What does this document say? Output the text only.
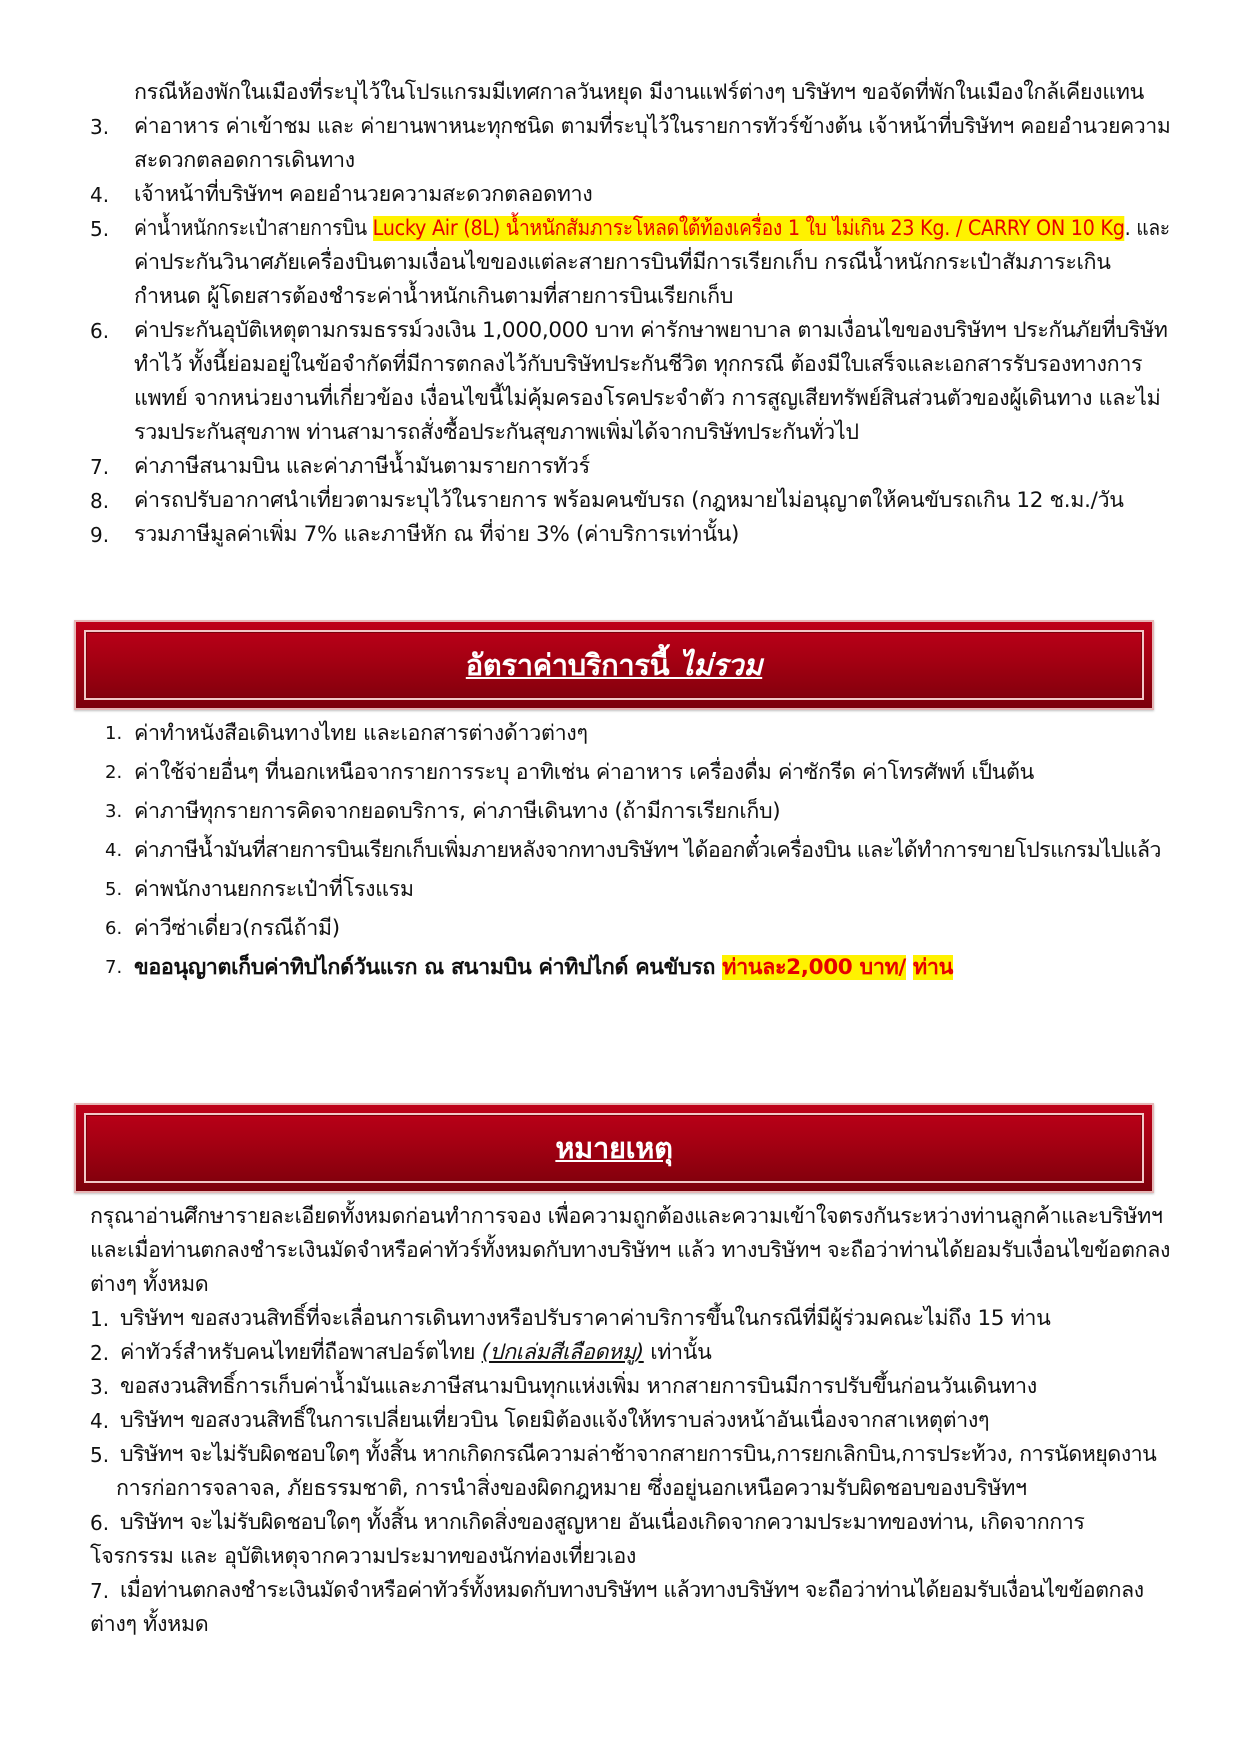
กรณีห้องพักในเมืองที่ระบุไว้ในโปรแกรมมีเทศกาลวันหยุด มีงานแฟร์ต่างๆ บริษัทฯ ขอจัดที่พักในเมืองใกล้เคียงแทน
3. ค่าอาหาร ค่าเข้าชม และ ค่ายานพาหนะทุกชนิด ตามที่ระบุไว้ในรายการทัวร์ข้างต้น เจ้าหน้าที่บริษัทฯ คอยอำนวยความ
สะดวกตลอดการเดินทาง
4. เจ้าหน้าที่บริษัทฯ คอยอำนวยความสะดวกตลอดทาง
5. ค่าน้ำหนักกระเป๋าสายการบิน Lucky Air (8L) น้ำหนักสัมภาระโหลดใต้ท้องเครื่อง 1 ใบ ไม่เกิน 23 Kg. / CARRY ON 10 Kg. และ
ค่าประกันวินาศภัยเครื่องบินตามเงื่อนไขของแต่ละสายการบินที่มีการเรียกเก็บ กรณีน้ำหนักกระเป๋าสัมภาระเกิน
กำหนด ผู้โดยสารต้องชำระค่าน้ำหนักเกินตามที่สายการบินเรียกเก็บ
6. ค่าประกันอุบัติเหตุตามกรมธรรม์วงเงิน 1,000,000 บาท ค่ารักษาพยาบาล ตามเงื่อนไขของบริษัทฯ ประกันภัยที่บริษัท
ทำไว้ ทั้งนี้ย่อมอยู่ในข้อจำกัดที่มีการตกลงไว้กับบริษัทประกันชีวิต ทุกกรณี ต้องมีใบเสร็จและเอกสารรับรองทางการ
แพทย์ จากหน่วยงานที่เกี่ยวข้อง เงื่อนไขนี้ไม่คุ้มครองโรคประจำตัว การสูญเสียทรัพย์สินส่วนตัวของผู้เดินทาง และไม่
รวมประกันสุขภาพ ท่านสามารถสั่งซื้อประกันสุขภาพเพิ่มได้จากบริษัทประกันทั่วไป
7. ค่าภาษีสนามบิน และค่าภาษีน้ำมันตามรายการทัวร์
8. ค่ารถปรับอากาศนำเที่ยวตามระบุไว้ในรายการ พร้อมคนขับรถ (กฎหมายไม่อนุญาตให้คนขับรถเกิน 12 ช.ม./วัน
9. รวมภาษีมูลค่าเพิ่ม 7% และภาษีหัก ณ ที่จ่าย 3% (ค่าบริการเท่านั้น)
อัตราค่าบริการนี้ ไม่รวม
1. ค่าทำหนังสือเดินทางไทย และเอกสารต่างด้าวต่างๆ
2. ค่าใช้จ่ายอื่นๆ ที่นอกเหนือจากรายการระบุ อาทิเช่น ค่าอาหาร เครื่องดื่ม ค่าซักรีด ค่าโทรศัพท์ เป็นต้น
3. ค่าภาษีทุกรายการคิดจากยอดบริการ, ค่าภาษีเดินทาง (ถ้ามีการเรียกเก็บ)
4. ค่าภาษีน้ำมันที่สายการบินเรียกเก็บเพิ่มภายหลังจากทางบริษัทฯ ได้ออกตั๋วเครื่องบิน และได้ทำการขายโปรแกรมไปแล้ว
5. ค่าพนักงานยกกระเป๋าที่โรงแรม
6. ค่าวีซ่าเดี่ยว(กรณีถ้ามี)
7. ขออนุญาตเก็บค่าทิปไกด์วันแรก ณ สนามบิน ค่าทิปไกด์ คนขับรถ ท่านละ2,000 บาท/ ท่าน
หมายเหตุ
กรุณาอ่านศึกษารายละเอียดทั้งหมดก่อนทำการจอง เพื่อความถูกต้องและความเข้าใจตรงกันระหว่างท่านลูกค้าและบริษัทฯ
และเมื่อท่านตกลงชำระเงินมัดจำหรือค่าทัวร์ทั้งหมดกับทางบริษัทฯ แล้ว ทางบริษัทฯ จะถือว่าท่านได้ยอมรับเงื่อนไขข้อตกลง
ต่างๆ ทั้งหมด
1. บริษัทฯ ขอสงวนสิทธิ์ที่จะเลื่อนการเดินทางหรือปรับราคาค่าบริการขึ้นในกรณีที่มีผู้ร่วมคณะไม่ถึง 15 ท่าน
2. ค่าทัวร์สำหรับคนไทยที่ถือพาสปอร์ตไทย (ปกเล่มสีเลือดหมู) เท่านั้น
3. ขอสงวนสิทธิ์การเก็บค่าน้ำมันและภาษีสนามบินทุกแห่งเพิ่ม หากสายการบินมีการปรับขึ้นก่อนวันเดินทาง
4. บริษัทฯ ขอสงวนสิทธิ์ในการเปลี่ยนเที่ยวบิน โดยมิต้องแจ้งให้ทราบล่วงหน้าอันเนื่องจากสาเหตุต่างๆ
5. บริษัทฯ จะไม่รับผิดชอบใดๆ ทั้งสิ้น หากเกิดกรณีความล่าช้าจากสายการบิน,การยกเลิกบิน,การประท้วง, การนัดหยุดงาน
การก่อการจลาจล, ภัยธรรมชาติ, การนำสิ่งของผิดกฎหมาย ซึ่งอยู่นอกเหนือความรับผิดชอบของบริษัทฯ
6. บริษัทฯ จะไม่รับผิดชอบใดๆ ทั้งสิ้น หากเกิดสิ่งของสูญหาย อันเนื่องเกิดจากความประมาทของท่าน, เกิดจากการ
โจรกรรม และ อุบัติเหตุจากความประมาทของนักท่องเที่ยวเอง
7. เมื่อท่านตกลงชำระเงินมัดจำหรือค่าทัวร์ทั้งหมดกับทางบริษัทฯ แล้วทางบริษัทฯ จะถือว่าท่านได้ยอมรับเงื่อนไขข้อตกลง
ต่างๆ ทั้งหมด
